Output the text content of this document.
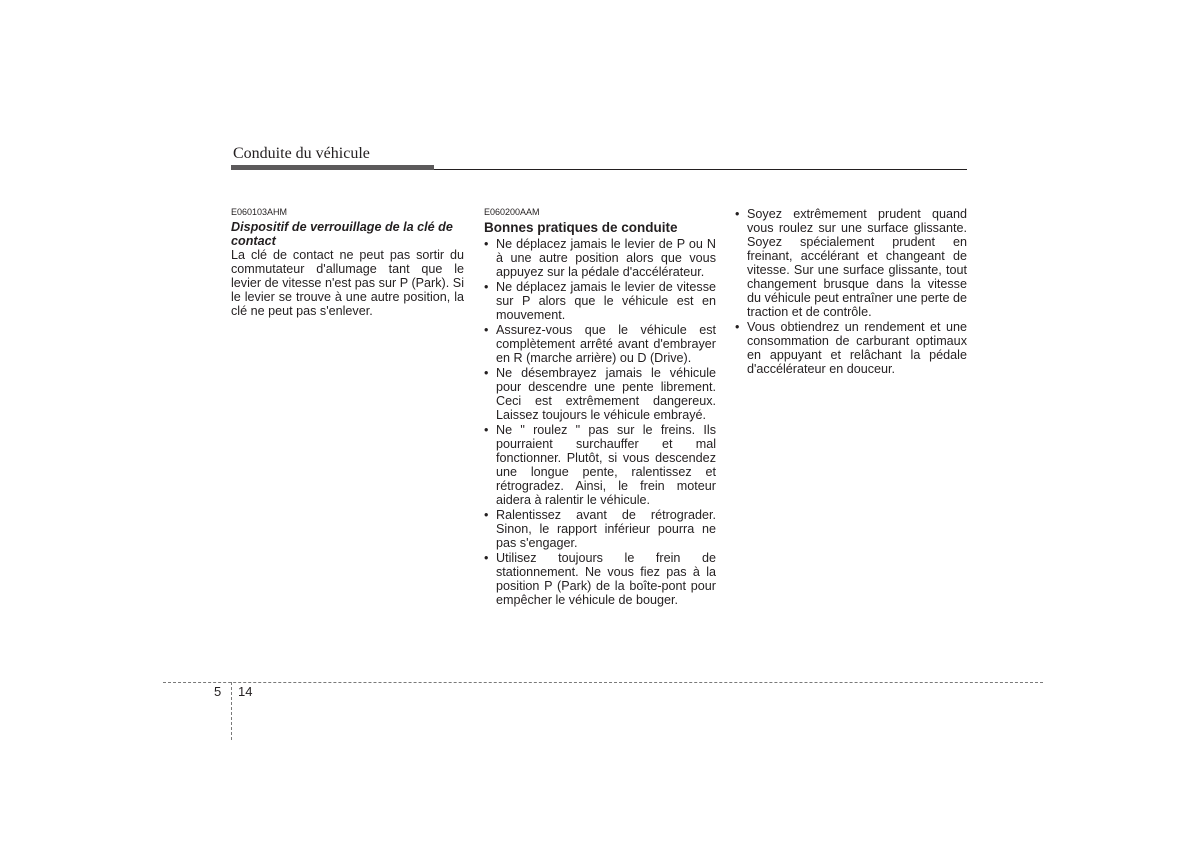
Conduite du véhicule
E060103AHM
Dispositif de verrouillage de la clé de contact
La clé de contact ne peut pas sortir du commutateur d'allumage tant que le levier de vitesse n'est pas sur P (Park). Si le levier se trouve à une autre position, la clé ne peut pas s'enlever.
E060200AAM
Bonnes pratiques de conduite
• Ne déplacez jamais le levier de P ou N à une autre position alors que vous appuyez sur la pédale d'accélérateur.
• Ne déplacez jamais le levier de vitesse sur P alors que le véhicule est en mouvement.
• Assurez-vous que le véhicule est complètement arrêté avant d'embrayer en R (marche arrière) ou D (Drive).
• Ne désembrayez jamais le véhicule pour descendre une pente librement. Ceci est extrêmement dangereux. Laissez toujours le véhicule embrayé.
• Ne " roulez " pas sur le freins. Ils pourraient surchauffer et mal fonctionner. Plutôt, si vous descendez une longue pente, ralentissez et rétrogradez. Ainsi, le frein moteur aidera à ralentir le véhicule.
• Ralentissez avant de rétrograder. Sinon, le rapport inférieur pourra ne pas s'engager.
• Utilisez toujours le frein de stationnement. Ne vous fiez pas à la position P (Park) de la boîte-pont pour empêcher le véhicule de bouger.
• Soyez extrêmement prudent quand vous roulez sur une surface glissante. Soyez spécialement prudent en freinant, accélérant et changeant de vitesse. Sur une surface glissante, tout changement brusque dans la vitesse du véhicule peut entraîner une perte de traction et de contrôle.
• Vous obtiendrez un rendement et une consommation de carburant optimaux en appuyant et relâchant la pédale d'accélérateur en douceur.
5 14
